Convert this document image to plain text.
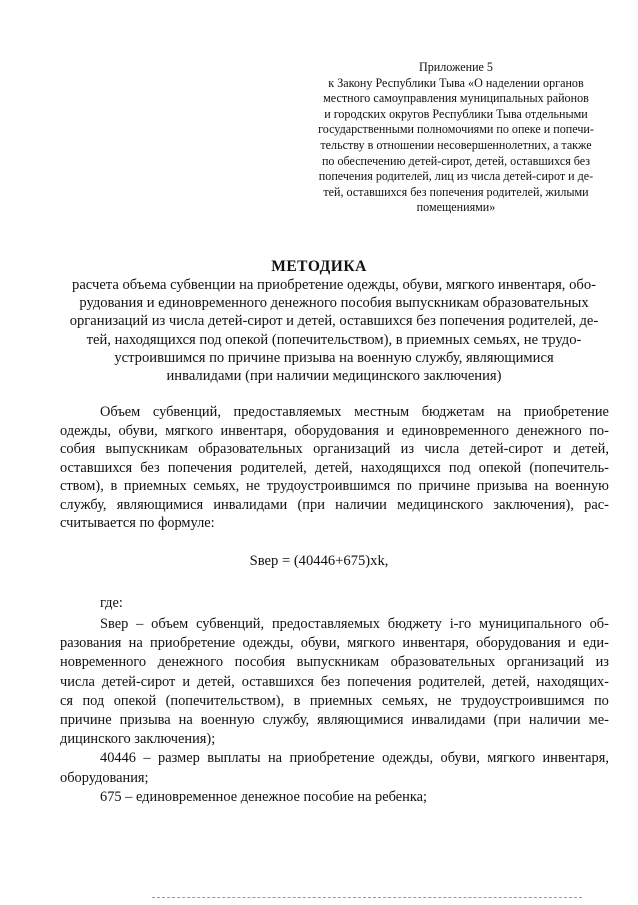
Приложение 5
к Закону Республики Тыва «О наделении органов
местного самоуправления муниципальных районов
и городских округов Республики Тыва отдельными
государственными полномочиями по опеке и попечи-
тельству в отношении несовершеннолетних, а также
по обеспечению детей-сирот, детей, оставшихся без
попечения родителей, лиц из числа детей-сирот и де-
тей, оставшихся без попечения родителей, жилыми
помещениями»
МЕТОДИКА
расчета объема субвенции на приобретение одежды, обуви, мягкого инвентаря, обо-
рудования и единовременного денежного пособия выпускникам образовательных
организаций из числа детей-сирот и детей, оставшихся без попечения родителей, де-
тей, находящихся под опекой (попечительством), в приемных семьях, не трудо-
устроившимся по причине призыва на военную службу, являющимися
инвалидами (при наличии медицинского заключения)
Объем субвенций, предоставляемых местным бюджетам на приобретение
одежды, обуви, мягкого инвентаря, оборудования и единовременного денежного по-
собия выпускникам образовательных организаций из числа детей-сирот и детей,
оставшихся без попечения родителей, детей, находящихся под опекой (попечитель-
ством), в приемных семьях, не трудоустроившимся по причине призыва на военную
службу, являющимися инвалидами (при наличии медицинского заключения), рас-
считывается по формуле:
Sвер = (40446+675)xk,
где:
Sвер – объем субвенций, предоставляемых бюджету i-го муниципального об-
разования на приобретение одежды, обуви, мягкого инвентаря, оборудования и еди-
новременного денежного пособия выпускникам образовательных организаций из
числа детей-сирот и детей, оставшихся без попечения родителей, детей, находящих-
ся под опекой (попечительством), в приемных семьях, не трудоустроившимся по
причине призыва на военную службу, являющимися инвалидами (при наличии ме-
дицинского заключения);
40446 – размер выплаты на приобретение одежды, обуви, мягкого инвентаря,
оборудования;
675 – единовременное денежное пособие на ребенка;
